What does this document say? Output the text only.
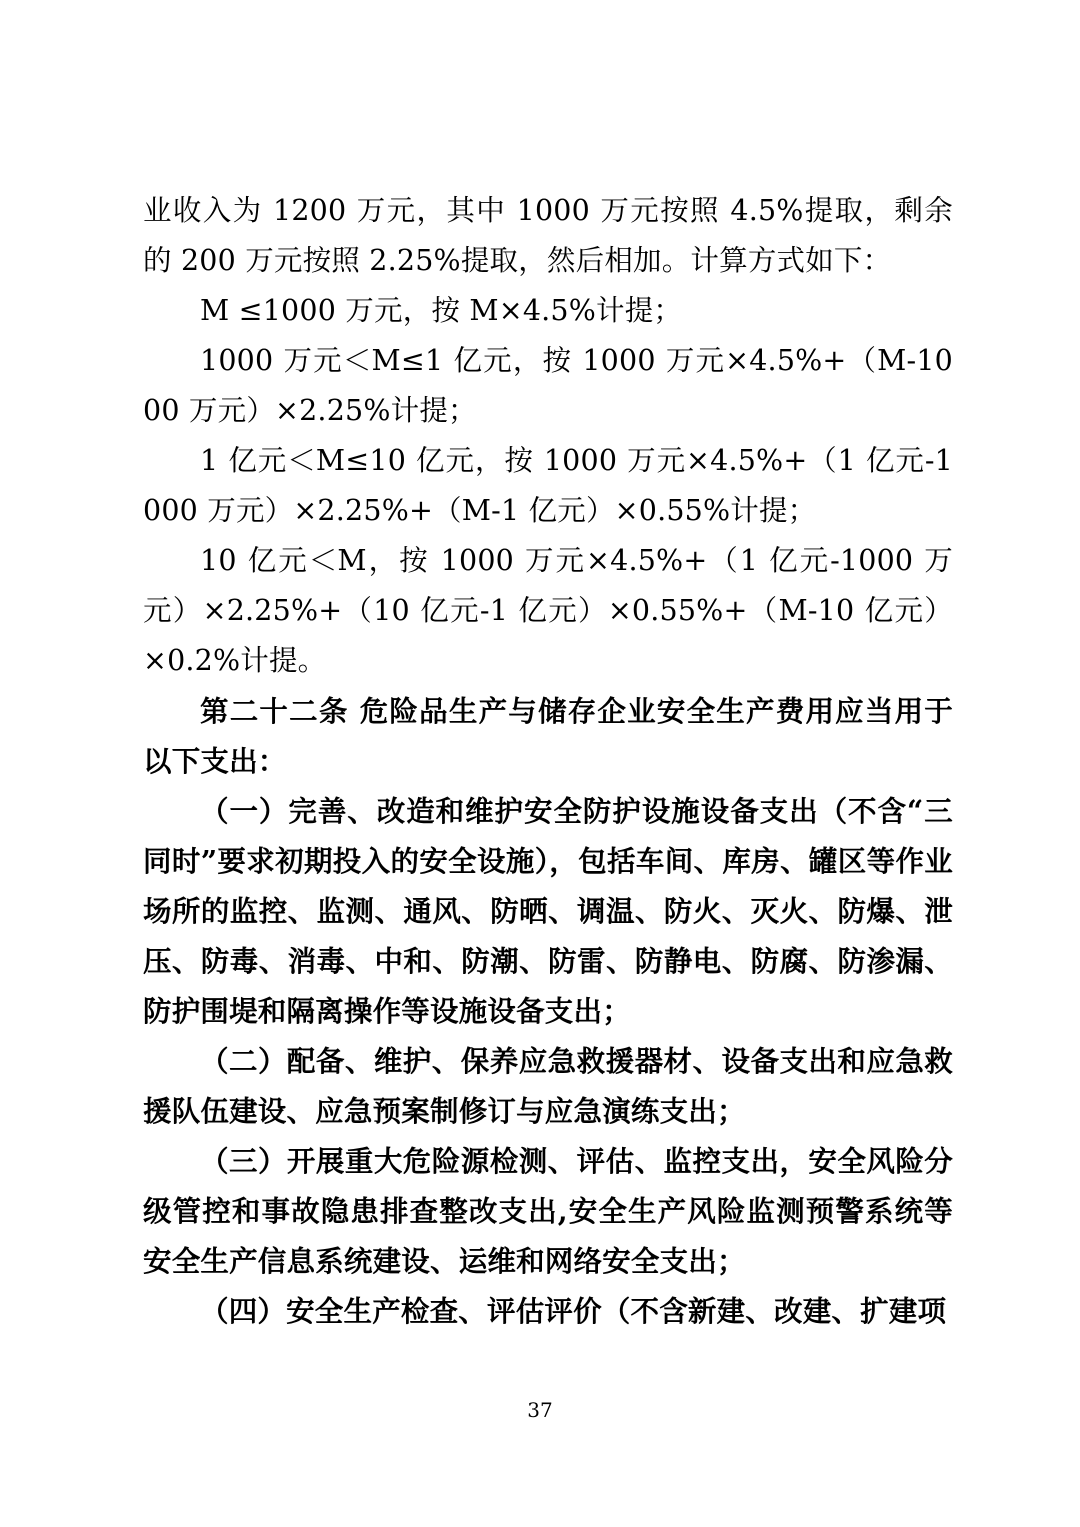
业收入为 1200 万元，其中 1000 万元按照 4.5%提取，剩余的 200 万元按照 2.25%提取，然后相加。计算方式如下：

M ≤1000 万元，按 M×4.5%计提；

1000 万元＜M≤1 亿元，按 1000 万元×4.5%+（M-1000 万元）×2.25%计提；

1 亿元＜M≤10 亿元，按 1000 万元×4.5%+（1 亿元-1000 万元）×2.25%+（M-1 亿元）×0.55%计提；

10 亿元＜M，按 1000 万元×4.5%+（1 亿元-1000 万元）×2.25%+（10 亿元-1 亿元）×0.55%+（M-10 亿元）×0.2%计提。

第二十二条 危险品生产与储存企业安全生产费用应当用于以下支出：

（一）完善、改造和维护安全防护设施设备支出（不含“三同时”要求初期投入的安全设施），包括车间、库房、罐区等作业场所的监控、监测、通风、防晒、调温、防火、灭火、防爆、泄压、防毒、消毒、中和、防潮、防雷、防静电、防腐、防渗漏、防护围堤和隔离操作等设施设备支出；

（二）配备、维护、保养应急救援器材、设备支出和应急救援队伍建设、应急预案制修订与应急演练支出；

（三）开展重大危险源检测、评估、监控支出，安全风险分级管控和事故隐患排查整改支出,安全生产风险监测预警系统等安全生产信息系统建设、运维和网络安全支出；

（四）安全生产检查、评估评价（不含新建、改建、扩建项

37
